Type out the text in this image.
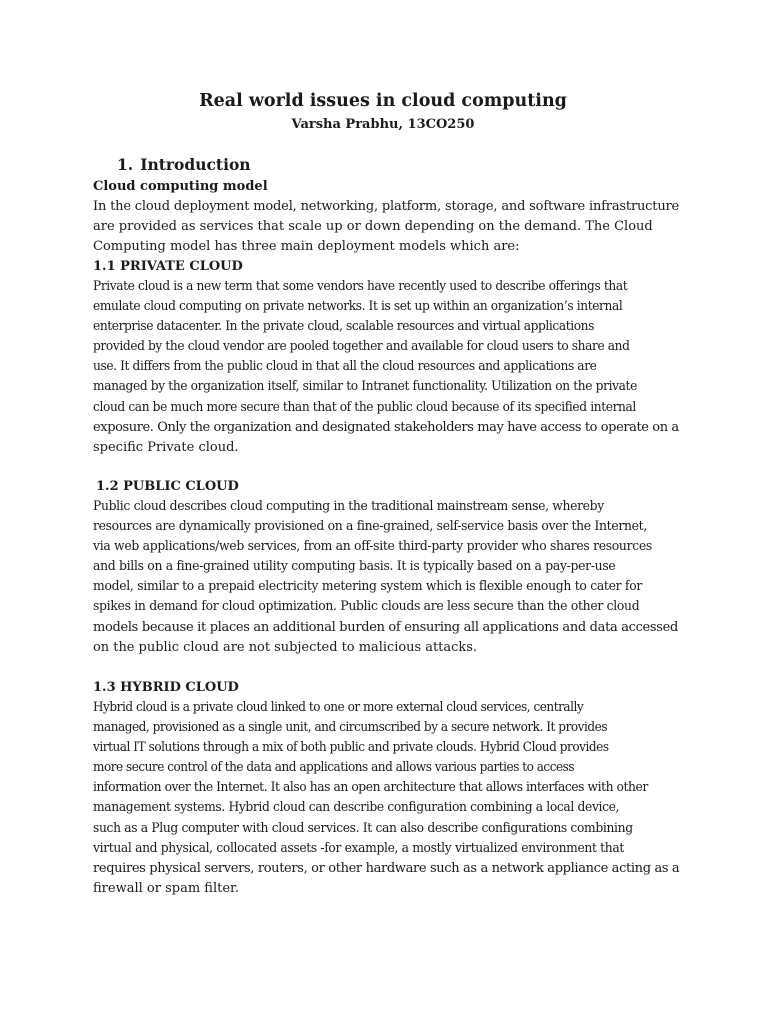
Real world issues in cloud computing
Varsha Prabhu, 13CO250
1. Introduction
Cloud computing model
In the cloud deployment model, networking, platform, storage, and software infrastructure
are provided as services that scale up or down depending on the demand. The Cloud
Computing model has three main deployment models which are:
1.1 PRIVATE CLOUD
Private cloud is a new term that some vendors have recently used to describe offerings that
emulate cloud computing on private networks. It is set up within an organization’s internal
enterprise datacenter. In the private cloud, scalable resources and virtual applications
provided by the cloud vendor are pooled together and available for cloud users to share and
use. It differs from the public cloud in that all the cloud resources and applications are
managed by the organization itself, similar to Intranet functionality. Utilization on the private
cloud can be much more secure than that of the public cloud because of its specified internal
exposure. Only the organization and designated stakeholders may have access to operate on a
specific Private cloud.
1.2 PUBLIC CLOUD
Public cloud describes cloud computing in the traditional mainstream sense, whereby
resources are dynamically provisioned on a fine-grained, self-service basis over the Internet,
via web applications/web services, from an off-site third-party provider who shares resources
and bills on a fine-grained utility computing basis. It is typically based on a pay-per-use
model, similar to a prepaid electricity metering system which is flexible enough to cater for
spikes in demand for cloud optimization. Public clouds are less secure than the other cloud
models because it places an additional burden of ensuring all applications and data accessed
on the public cloud are not subjected to malicious attacks.
1.3 HYBRID CLOUD
Hybrid cloud is a private cloud linked to one or more external cloud services, centrally
managed, provisioned as a single unit, and circumscribed by a secure network. It provides
virtual IT solutions through a mix of both public and private clouds. Hybrid Cloud provides
more secure control of the data and applications and allows various parties to access
information over the Internet. It also has an open architecture that allows interfaces with other
management systems. Hybrid cloud can describe configuration combining a local device,
such as a Plug computer with cloud services. It can also describe configurations combining
virtual and physical, collocated assets -for example, a mostly virtualized environment that
requires physical servers, routers, or other hardware such as a network appliance acting as a
firewall or spam filter.
